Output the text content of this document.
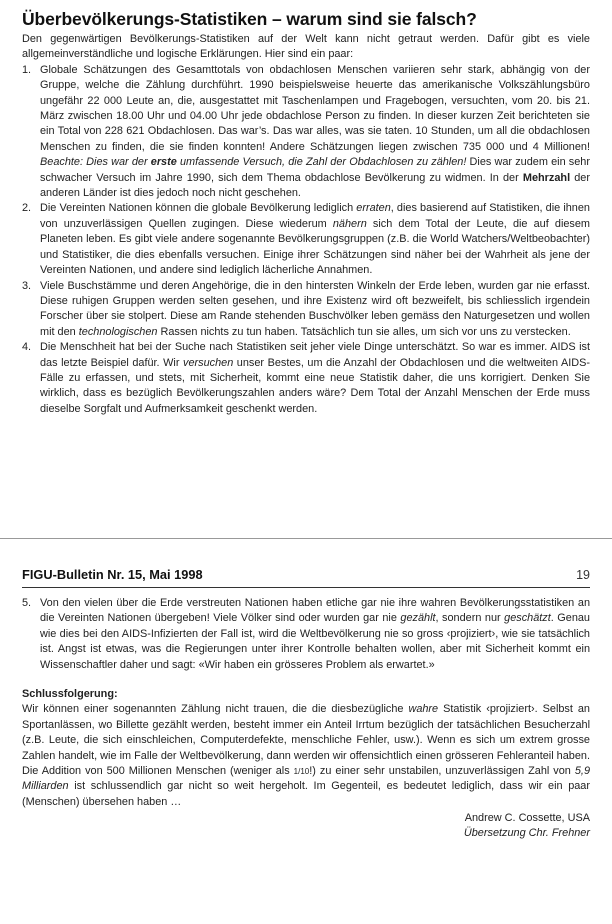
Überbevölkerungs-Statistiken – warum sind sie falsch?

Den gegenwärtigen Bevölkerungs-Statistiken auf der Welt kann nicht getraut werden. Dafür gibt es viele allgemeinverständliche und logische Erklärungen. Hier sind ein paar:

1. Globale Schätzungen des Gesamttotals von obdachlosen Menschen variieren sehr stark, abhängig von der Gruppe, welche die Zählung durchführt. 1990 beispielsweise heuerte das amerikanische Volkszählungsbüro ungefähr 22 000 Leute an, die, ausgestattet mit Taschenlampen und Fragebogen, versuchten, vom 20. bis 21. März zwischen 18.00 Uhr und 04.00 Uhr jede obdachlose Person zu finden. In dieser kurzen Zeit berichteten sie ein Total von 228 621 Obdachlosen. Das war’s. Das war alles, was sie taten. 10 Stunden, um all die obdachlosen Menschen zu finden, die sie finden konnten! Andere Schätzungen liegen zwischen 735 000 und 4 Millionen! Beachte: Dies war der erste umfassende Versuch, die Zahl der Obdachlosen zu zählen! Dies war zudem ein sehr schwacher Versuch im Jahre 1990, sich dem Thema obdachlose Bevölkerung zu widmen. In der Mehrzahl der anderen Länder ist dies jedoch noch nicht geschehen.
2. Die Vereinten Nationen können die globale Bevölkerung lediglich erraten, dies basierend auf Statistiken, die ihnen von unzuverlässigen Quellen zugingen. Diese wiederum nähern sich dem Total der Leute, die auf diesem Planeten leben. Es gibt viele andere sogenannte Bevölkerungsgruppen (z.B. die World Watchers/Weltbeobachter) und Statistiker, die dies ebenfalls versuchen. Einige ihrer Schätzungen sind näher bei der Wahrheit als jene der Vereinten Nationen, und andere sind lediglich lächerliche Annahmen.
3. Viele Buschstämme und deren Angehörige, die in den hintersten Winkeln der Erde leben, wurden gar nie erfasst. Diese ruhigen Gruppen werden selten gesehen, und ihre Existenz wird oft bezweifelt, bis schliesslich irgendein Forscher über sie stolpert. Diese am Rande stehenden Buschvölker leben gemäss den Naturgesetzen und wollen mit den technologischen Rassen nichts zu tun haben. Tatsächlich tun sie alles, um sich vor uns zu verstecken.
4. Die Menschheit hat bei der Suche nach Statistiken seit jeher viele Dinge unterschätzt. So war es immer. AIDS ist das letzte Beispiel dafür. Wir versuchen unser Bestes, um die Anzahl der Obdachlosen und die weltweiten AIDS-Fälle zu erfassen, und stets, mit Sicherheit, kommt eine neue Statistik daher, die uns korrigiert. Denken Sie wirklich, dass es bezüglich Bevölkerungszahlen anders wäre? Dem Total der Anzahl Menschen der Erde muss dieselbe Sorgfalt und Aufmerksamkeit geschenkt werden.
FIGU-Bulletin Nr. 15, Mai 1998	19

5. Von den vielen über die Erde verstreuten Nationen haben etliche gar nie ihre wahren Bevölkerungsstatistiken an die Vereinten Nationen übergeben! Viele Völker sind oder wurden gar nie gezählt, sondern nur geschätzt. Genau wie dies bei den AIDS-Infizierten der Fall ist, wird die Weltbevölkerung nie so gross ‹projiziert›, wie sie tatsächlich ist. Angst ist etwas, was die Regierungen unter ihrer Kontrolle behalten wollen, aber mit Sicherheit kommt ein Wissenschaftler daher und sagt: «Wir haben ein grösseres Problem als erwartet.»

Schlussfolgerung:

Wir können einer sogenannten Zählung nicht trauen, die die diesbezügliche wahre Statistik ‹projiziert›. Selbst an Sportanlässen, wo Billette gezählt werden, besteht immer ein Anteil Irrtum bezüglich der tatsächlichen Besucherzahl (z.B. Leute, die sich einschleichen, Computerdefekte, menschliche Fehler, usw.). Wenn es sich um extrem grosse Zahlen handelt, wie im Falle der Weltbevölkerung, dann werden wir offensichtlich einen grösseren Fehleranteil haben. Die Addition von 500 Millionen Menschen (weniger als 1/10!) zu einer sehr unstabilen, unzuverlässigen Zahl von 5,9 Milliarden ist schlussendlich gar nicht so weit hergeholt. Im Gegenteil, es bedeutet lediglich, dass wir ein paar (Menschen) übersehen haben …

Andrew C. Cossette, USA
Übersetzung Chr. Frehner
